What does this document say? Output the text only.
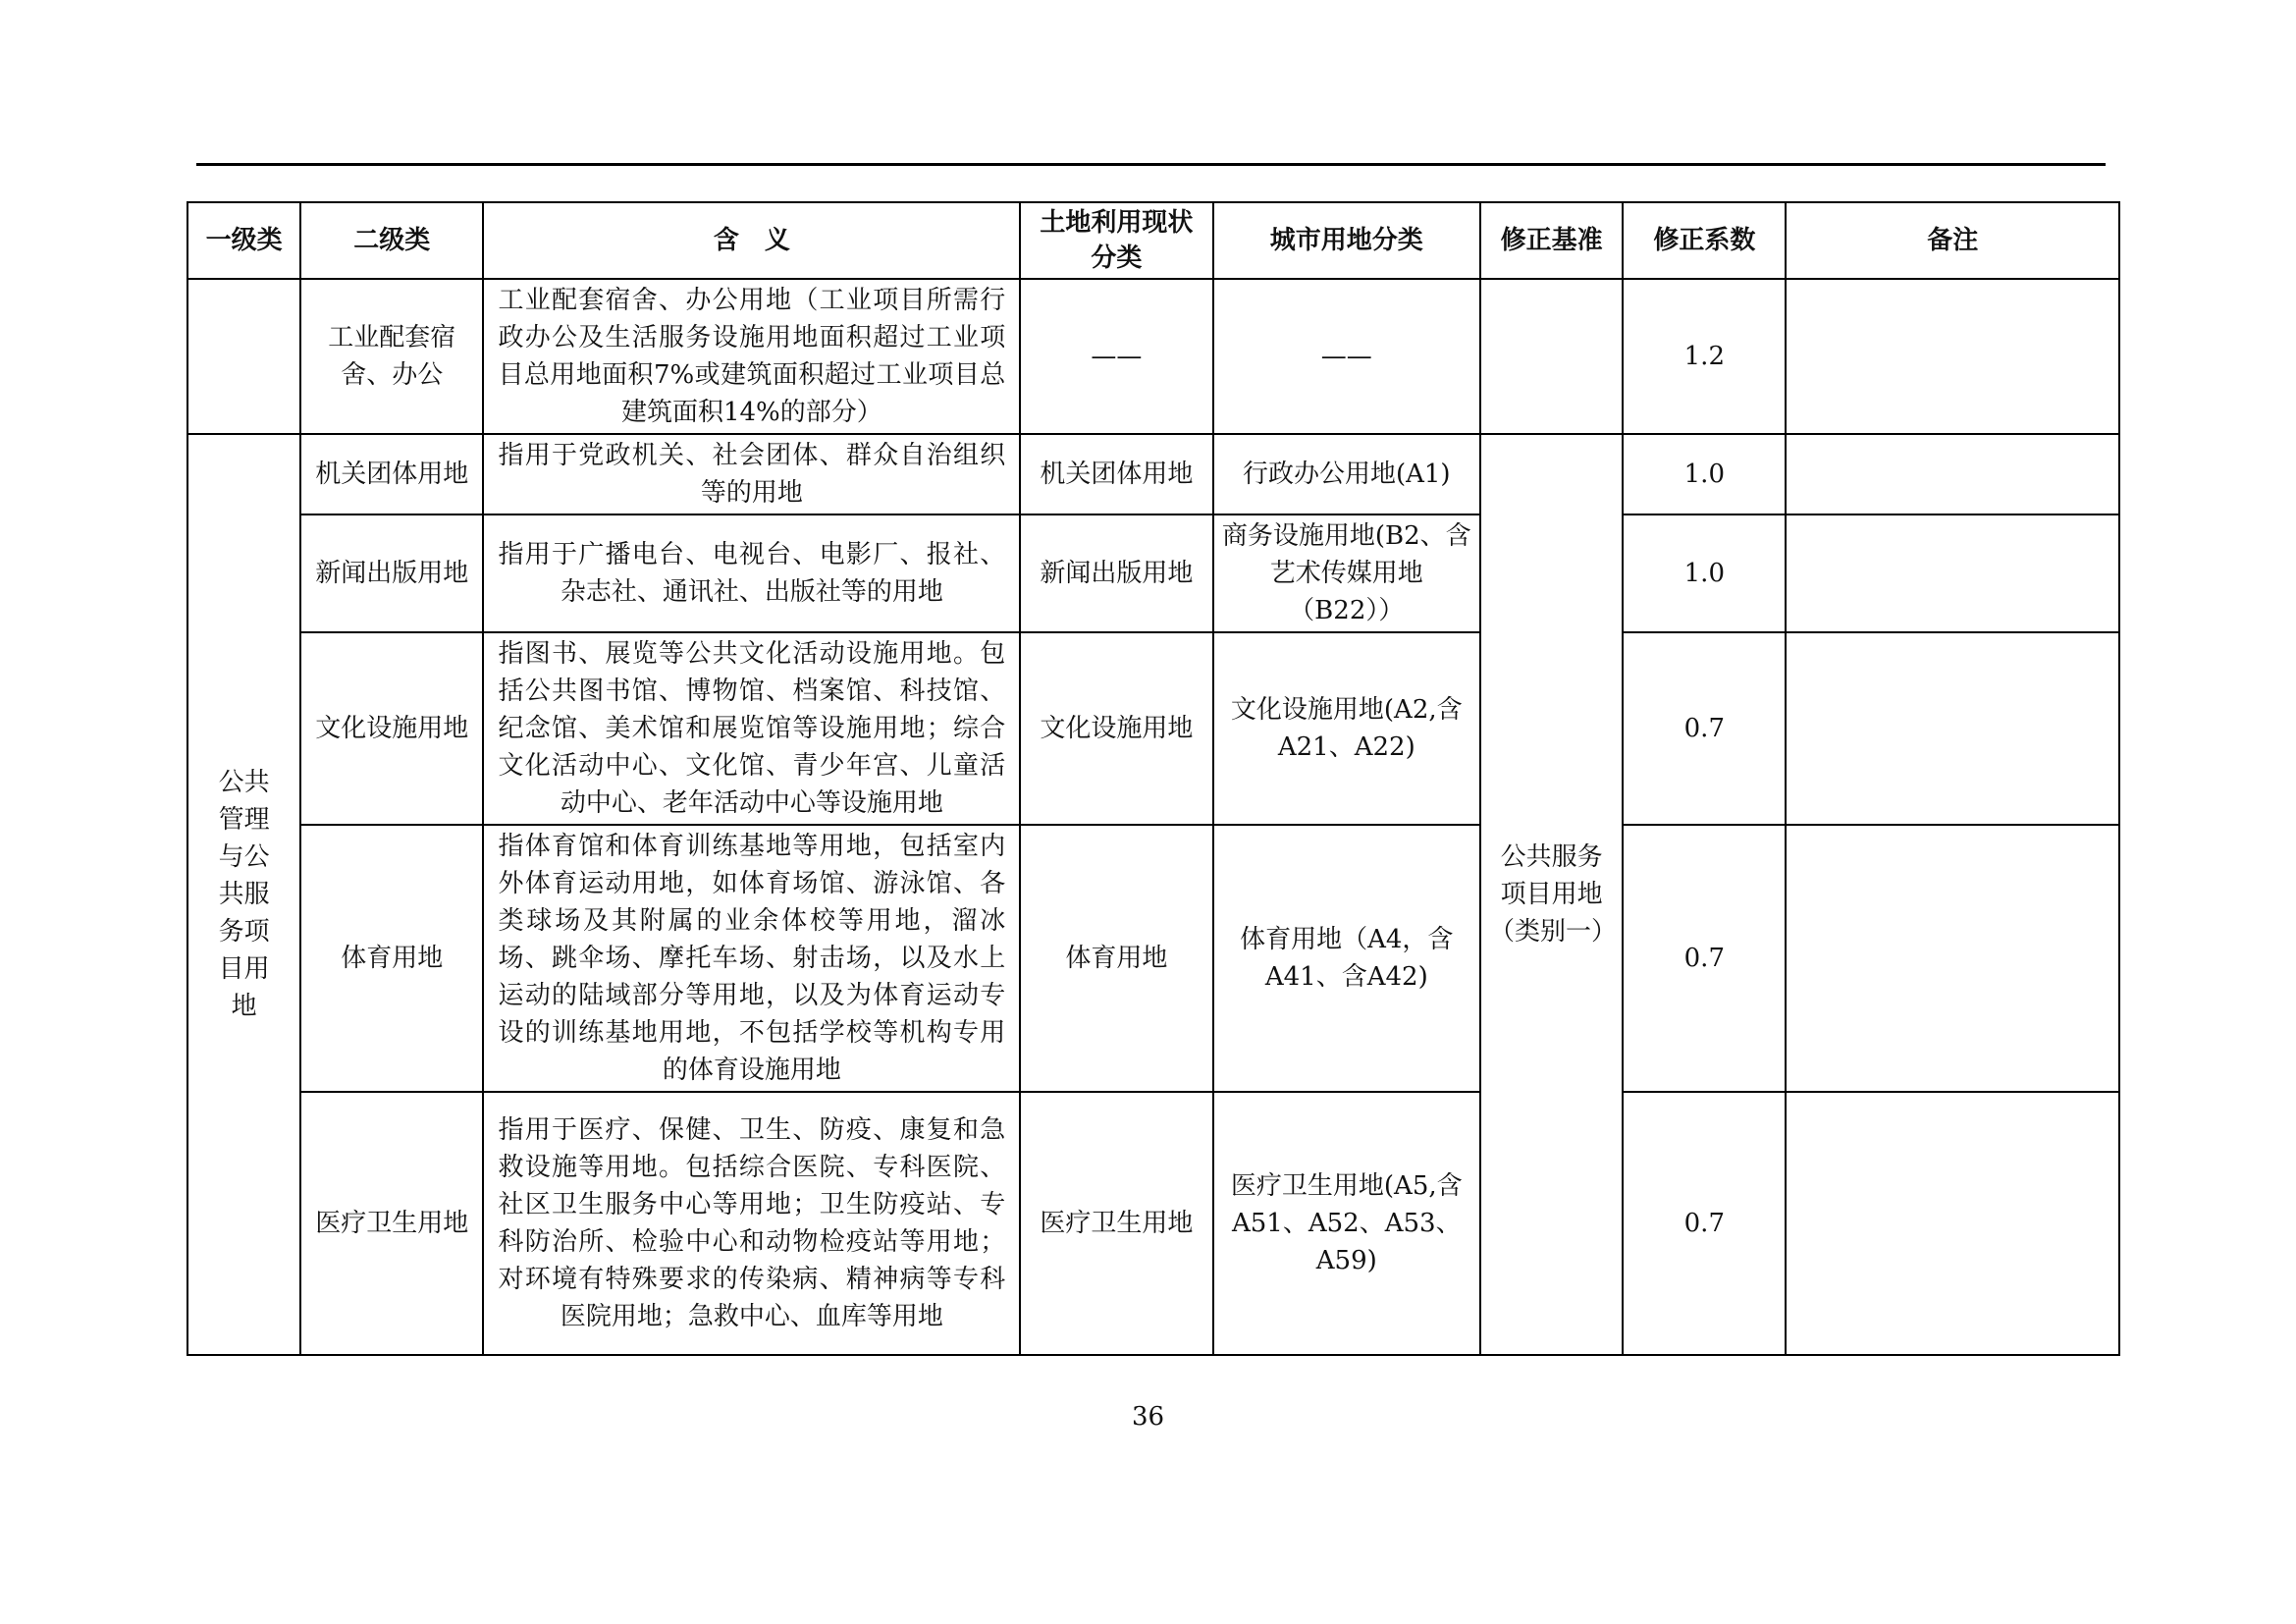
一级类	二级类	含　义	土地利用现状分类	城市用地分类	修正基准	修正系数	备注
	工业配套宿舍、办公	工业配套宿舍、办公用地（工业项目所需行政办公及生活服务设施用地面积超过工业项目总用地面积7%或建筑面积超过工业项目总建筑面积14%的部分）	——	——		1.2	
公共管理与公共服务项目用地	机关团体用地	指用于党政机关、社会团体、群众自治组织等的用地	机关团体用地	行政办公用地(A1)	公共服务项目用地（类别一）	1.0	
	新闻出版用地	指用于广播电台、电视台、电影厂、报社、杂志社、通讯社、出版社等的用地	新闻出版用地	商务设施用地(B2、含艺术传媒用地（B22））		1.0	
	文化设施用地	指图书、展览等公共文化活动设施用地。包括公共图书馆、博物馆、档案馆、科技馆、纪念馆、美术馆和展览馆等设施用地；综合文化活动中心、文化馆、青少年宫、儿童活动中心、老年活动中心等设施用地	文化设施用地	文化设施用地(A2,含A21、A22)		0.7	
	体育用地	指体育馆和体育训练基地等用地，包括室内外体育运动用地，如体育场馆、游泳馆、各类球场及其附属的业余体校等用地，溜冰场、跳伞场、摩托车场、射击场，以及水上运动的陆域部分等用地，以及为体育运动专设的训练基地用地，不包括学校等机构专用的体育设施用地	体育用地	体育用地（A4，含A41、含A42)		0.7	
	医疗卫生用地	指用于医疗、保健、卫生、防疫、康复和急救设施等用地。包括综合医院、专科医院、社区卫生服务中心等用地；卫生防疫站、专科防治所、检验中心和动物检疫站等用地；对环境有特殊要求的传染病、精神病等专科医院用地；急救中心、血库等用地	医疗卫生用地	医疗卫生用地(A5,含A51、A52、A53、A59)		0.7	
36
